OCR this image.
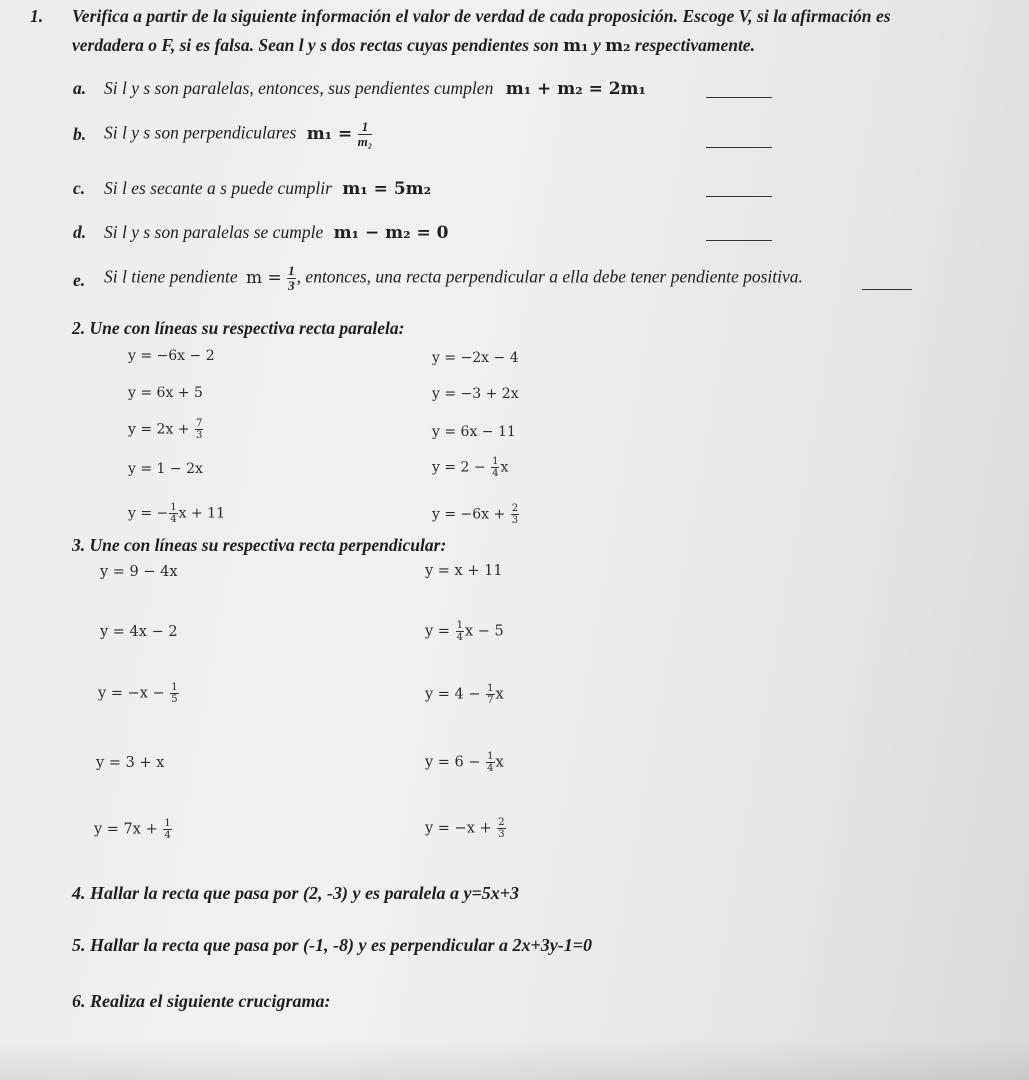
1. Verifica a partir de la siguiente información el valor de verdad de cada proposición. Escoge V, si la afirmación es
verdadera o F, si es falsa. Sean l y s dos rectas cuyas pendientes son m₁ y m₂ respectivamente.
a. Si l y s son paralelas, entonces, sus pendientes cumplen m₁ + m₂ = 2m₁
b. Si l y s son perpendiculares $m_1 = \frac{1}{\text{m₂}}$
c. Si l es secante a s puede cumplir m₁ = 5m₂
d. Si l y s son paralelas se cumple m₁ − m₂ = 0
e. Si l tiene pendiente $m = \frac{1}{3}$ , entonces, una recta perpendicular a ella debe tener pendiente positiva.
2. Une con líneas su respectiva recta paralela:
y = −6x − 2
y = 6x + 5
$y = 2x + \frac{7}{3}$
y = 1 − 2x
y = − $\frac{1}{4}$ x + 11
y = −2x − 4
y = −3 + 2x
y = 6x − 11
$y = 2 - \frac{1}{4}$ x
$y = -6x + \frac{2}{3}$
3. Une con líneas su respectiva recta perpendicular:
y = 9 − 4x
y = 4x − 2
$y = -x - \frac{1}{5}$
y = 3 + x
$y = 7x + \frac{1}{4}$
y = x + 11
$y = \frac{1}{4}$ x − 5
$y = 4 - \frac{1}{7}$ x
$y = 6 - \frac{1}{4}$ x
$y = -x + \frac{2}{3}$
4. Hallar la recta que pasa por (2, -3) y es paralela a y=5x+3
5. Hallar la recta que pasa por (-1, -8) y es perpendicular a 2x+3y-1=0
6. Realiza el siguiente crucigrama:
